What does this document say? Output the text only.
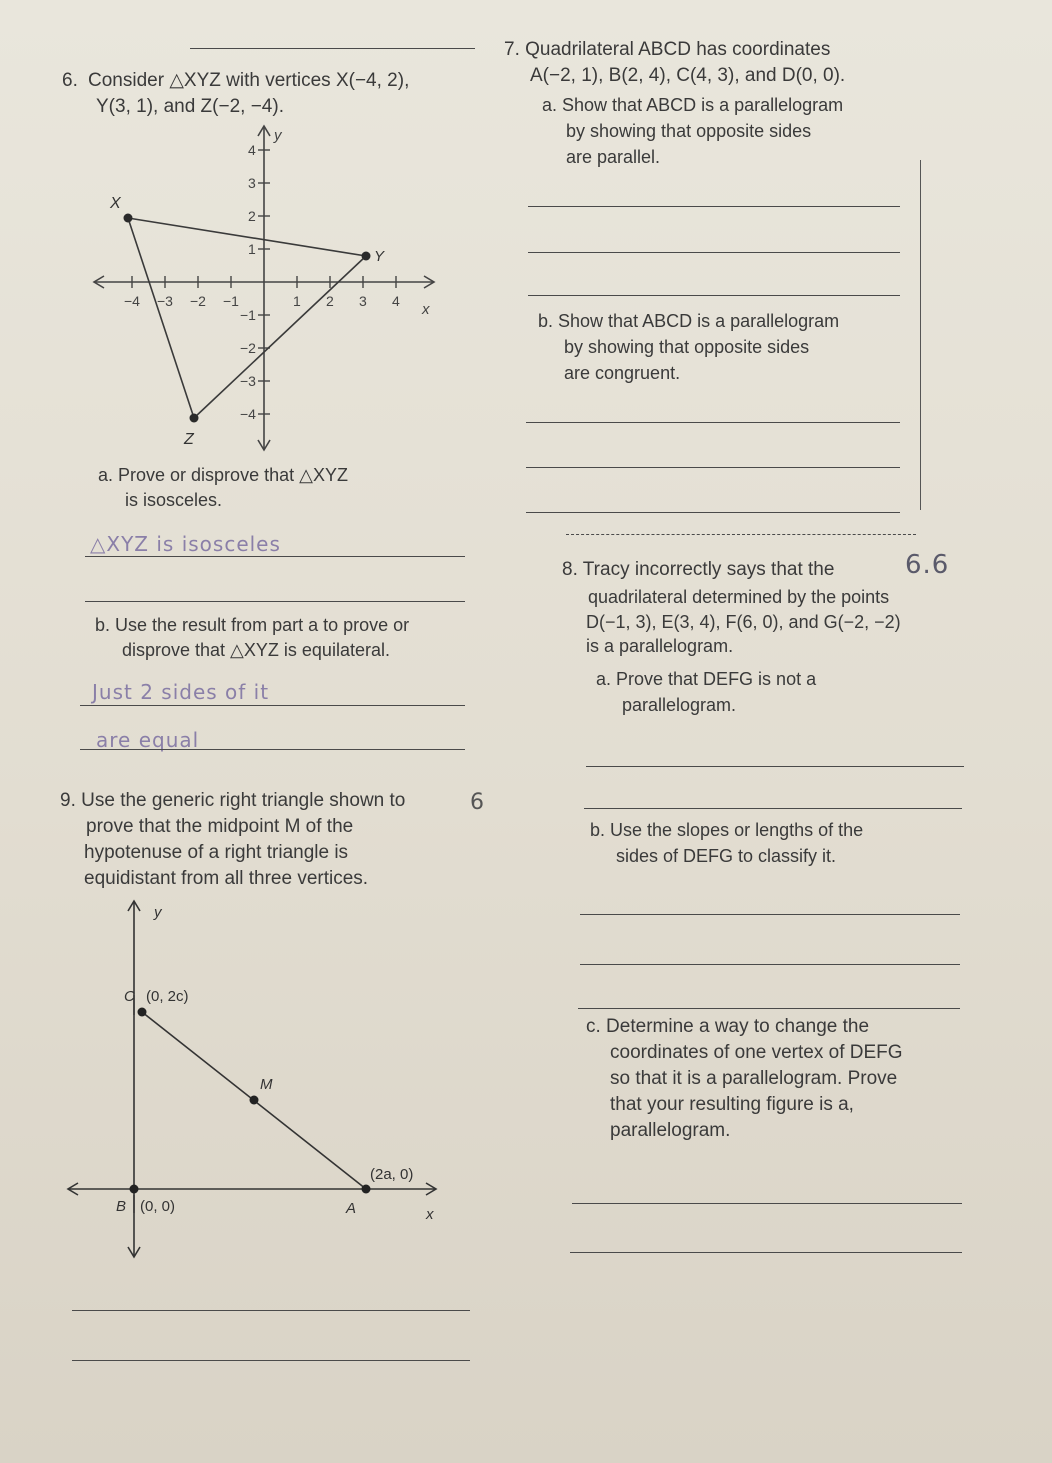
6. Consider △XYZ with vertices X(−4, 2),
Y(3, 1), and Z(−2, −4).
−4 −3 −2 −1	1 2 3 4
4
3
2
1
−1
−2
−3
−4
x
y
X
Y
Z
a. Prove or disprove that △XYZ
is isosceles.
△XYZ is isosceles
b. Use the result from part a to prove or
disprove that △XYZ is equilateral.
Just 2 sides of it
are equal
9. Use the generic right triangle shown to
prove that the midpoint M of the
hypotenuse of a right triangle is
equidistant from all three vertices.
6
y
x
C (0, 2c)
B (0, 0)	A
(2a, 0)
M
7. Quadrilateral ABCD has coordinates
A(−2, 1), B(2, 4), C(4, 3), and D(0, 0).
a. Show that ABCD is a parallelogram
by showing that opposite sides
are parallel.
b. Show that ABCD is a parallelogram
by showing that opposite sides
are congruent.
8. Tracy incorrectly says that the	6.6
quadrilateral determined by the points
D(−1, 3), E(3, 4), F(6, 0), and G(−2, −2)
is a parallelogram.
a. Prove that DEFG is not a
parallelogram.
b. Use the slopes or lengths of the
sides of DEFG to classify it.
c. Determine a way to change the
coordinates of one vertex of DEFG
so that it is a parallelogram. Prove
that your resulting figure is a,
parallelogram.
